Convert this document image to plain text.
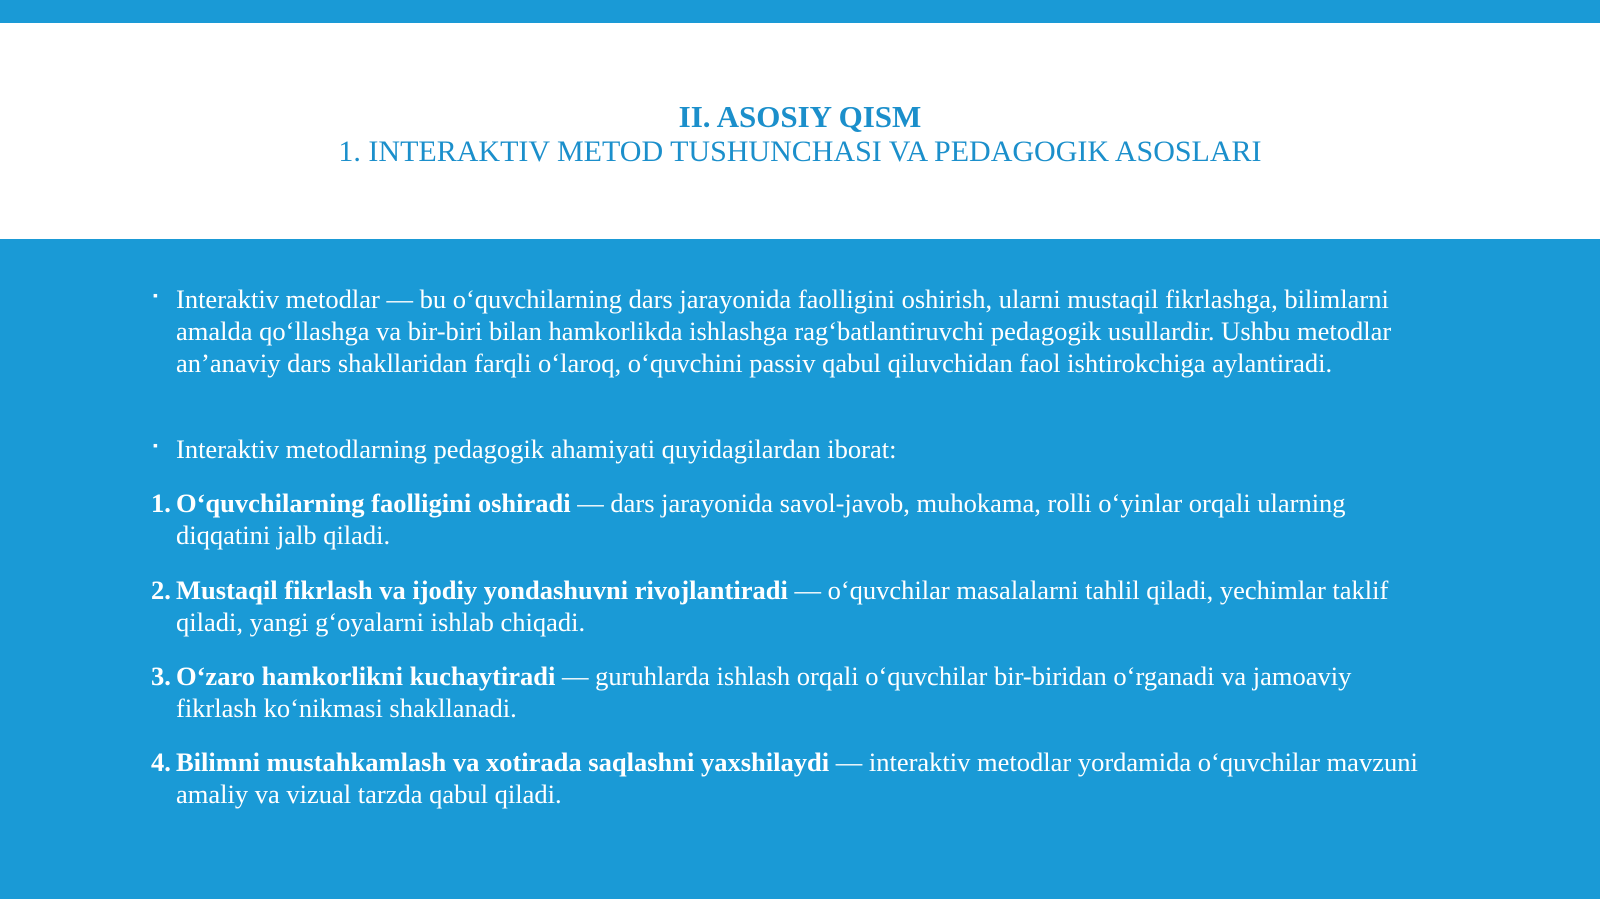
II. ASOSIY QISM
1. INTERAKTIV METOD TUSHUNCHASI VA PEDAGOGIK ASOSLARI
▪ Interaktiv metodlar — bu oʻquvchilarning dars jarayonida faolligini oshirish, ularni mustaqil fikrlashga, bilimlarni amalda qoʻllashga va bir-biri bilan hamkorlikda ishlashga ragʻbatlantiruvchi pedagogik usullardir. Ushbu metodlar anʼanaviy dars shakllaridan farqli oʻlaroq, oʻquvchini passiv qabul qiluvchidan faol ishtirokchiga aylantiradi.
▪ Interaktiv metodlarning pedagogik ahamiyati quyidagilardan iborat:
1. Oʻquvchilarning faolligini oshiradi — dars jarayonida savol-javob, muhokama, rolli oʻyinlar orqali ularning diqqatini jalb qiladi.
2. Mustaqil fikrlash va ijodiy yondashuvni rivojlantiradi — oʻquvchilar masalalarni tahlil qiladi, yechimlar taklif qiladi, yangi gʻoyalarni ishlab chiqadi.
3. Oʻzaro hamkorlikni kuchaytiradi — guruhlarda ishlash orqali oʻquvchilar bir-biridan oʻrganadi va jamoaviy fikrlash koʻnikmasi shakllanadi.
4. Bilimni mustahkamlash va xotirada saqlashni yaxshilaydi — interaktiv metodlar yordamida oʻquvchilar mavzuni amaliy va vizual tarzda qabul qiladi.
